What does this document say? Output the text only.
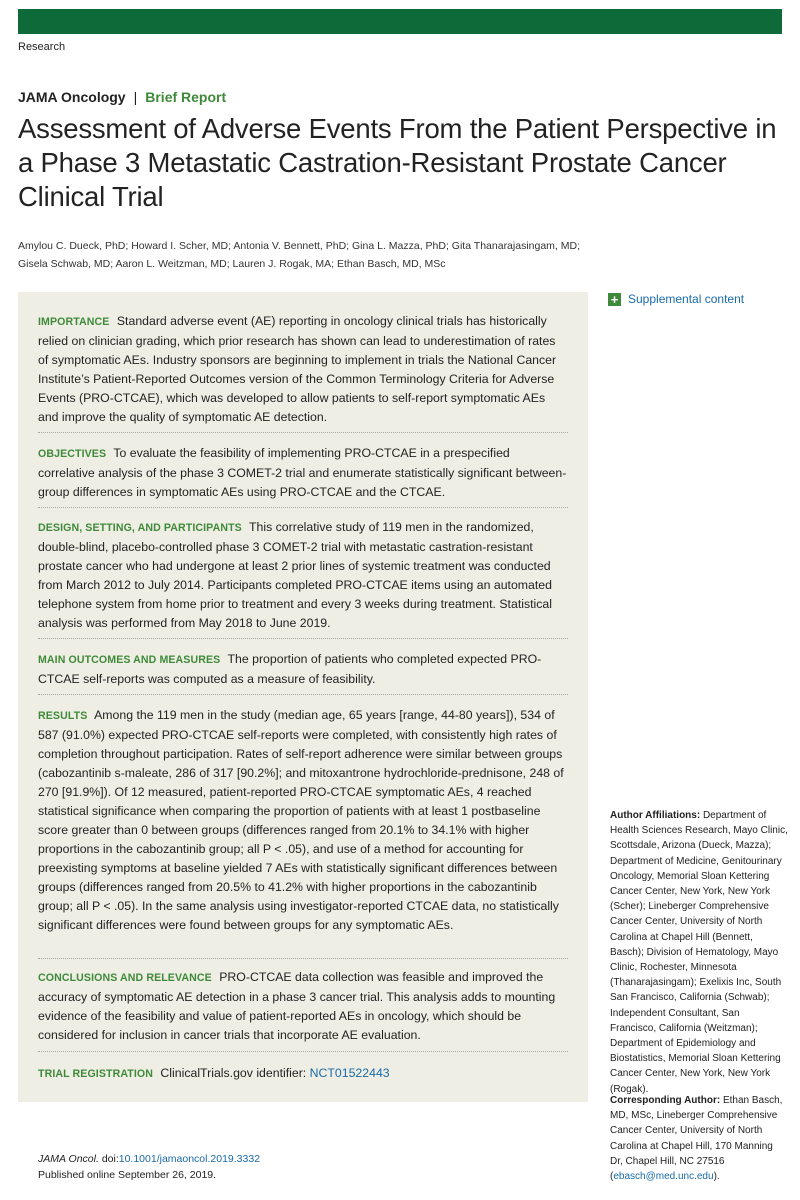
Research
JAMA Oncology | Brief Report
Assessment of Adverse Events From the Patient Perspective in a Phase 3 Metastatic Castration-Resistant Prostate Cancer Clinical Trial
Amylou C. Dueck, PhD; Howard I. Scher, MD; Antonia V. Bennett, PhD; Gina L. Mazza, PhD; Gita Thanarajasingam, MD;
Gisela Schwab, MD; Aaron L. Weitzman, MD; Lauren J. Rogak, MA; Ethan Basch, MD, MSc
IMPORTANCE Standard adverse event (AE) reporting in oncology clinical trials has historically relied on clinician grading, which prior research has shown can lead to underestimation of rates of symptomatic AEs. Industry sponsors are beginning to implement in trials the National Cancer Institute’s Patient-Reported Outcomes version of the Common Terminology Criteria for Adverse Events (PRO-CTCAE), which was developed to allow patients to self-report symptomatic AEs and improve the quality of symptomatic AE detection.
OBJECTIVES To evaluate the feasibility of implementing PRO-CTCAE in a prespecified correlative analysis of the phase 3 COMET-2 trial and enumerate statistically significant between-group differences in symptomatic AEs using PRO-CTCAE and the CTCAE.
DESIGN, SETTING, AND PARTICIPANTS This correlative study of 119 men in the randomized, double-blind, placebo-controlled phase 3 COMET-2 trial with metastatic castration-resistant prostate cancer who had undergone at least 2 prior lines of systemic treatment was conducted from March 2012 to July 2014. Participants completed PRO-CTCAE items using an automated telephone system from home prior to treatment and every 3 weeks during treatment. Statistical analysis was performed from May 2018 to June 2019.
MAIN OUTCOMES AND MEASURES The proportion of patients who completed expected PRO-CTCAE self-reports was computed as a measure of feasibility.
RESULTS Among the 119 men in the study (median age, 65 years [range, 44-80 years]), 534 of 587 (91.0%) expected PRO-CTCAE self-reports were completed, with consistently high rates of completion throughout participation. Rates of self-report adherence were similar between groups (cabozantinib s-maleate, 286 of 317 [90.2%]; and mitoxantrone hydrochloride-prednisone, 248 of 270 [91.9%]). Of 12 measured, patient-reported PRO-CTCAE symptomatic AEs, 4 reached statistical significance when comparing the proportion of patients with at least 1 postbaseline score greater than 0 between groups (differences ranged from 20.1% to 34.1% with higher proportions in the cabozantinib group; all P < .05), and use of a method for accounting for preexisting symptoms at baseline yielded 7 AEs with statistically significant differences between groups (differences ranged from 20.5% to 41.2% with higher proportions in the cabozantinib group; all P < .05). In the same analysis using investigator-reported CTCAE data, no statistically significant differences were found between groups for any symptomatic AEs.
CONCLUSIONS AND RELEVANCE PRO-CTCAE data collection was feasible and improved the accuracy of symptomatic AE detection in a phase 3 cancer trial. This analysis adds to mounting evidence of the feasibility and value of patient-reported AEs in oncology, which should be considered for inclusion in cancer trials that incorporate AE evaluation.
TRIAL REGISTRATION ClinicalTrials.gov identifier: NCT01522443
+ Supplemental content
Author Affiliations: Department of Health Sciences Research, Mayo Clinic, Scottsdale, Arizona (Dueck, Mazza); Department of Medicine, Genitourinary Oncology, Memorial Sloan Kettering Cancer Center, New York, New York (Scher); Lineberger Comprehensive Cancer Center, University of North Carolina at Chapel Hill (Bennett, Basch); Division of Hematology, Mayo Clinic, Rochester, Minnesota (Thanarajasingam); Exelixis Inc, South San Francisco, California (Schwab); Independent Consultant, San Francisco, California (Weitzman); Department of Epidemiology and Biostatistics, Memorial Sloan Kettering Cancer Center, New York, New York (Rogak).
Corresponding Author: Ethan Basch, MD, MSc, Lineberger Comprehensive Cancer Center, University of North Carolina at Chapel Hill, 170 Manning Dr, Chapel Hill, NC 27516 (ebasch@med.unc.edu).
JAMA Oncol. doi:10.1001/jamaoncol.2019.3332
Published online September 26, 2019.
